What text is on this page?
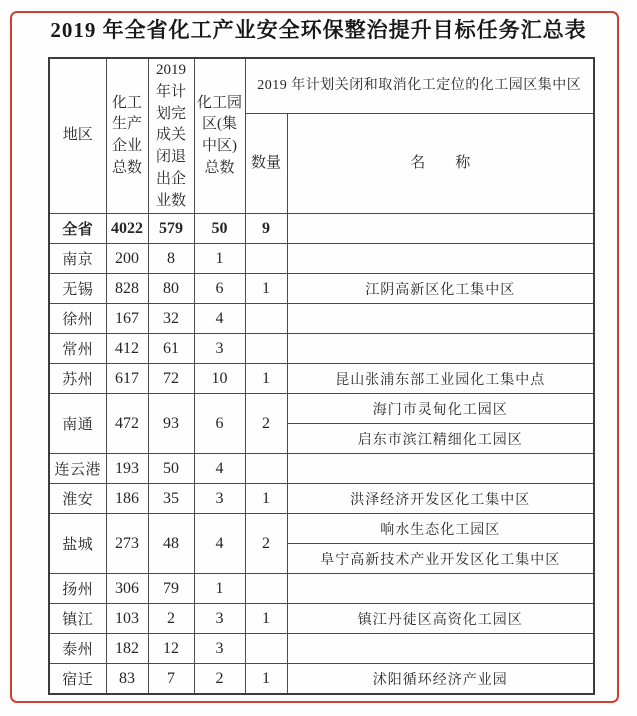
2019 年全省化工产业安全环保整治提升目标任务汇总表
地区	化工生产企业总数	2019年计划完成关闭退出企业数	化工园区(集中区)总数	2019 年计划关闭和取消化工定位的化工园区集中区	
				数量	名　　称
全省	4022	579	50	9	
南京	200	8	1		
无锡	828	80	6	1	江阴高新区化工集中区
徐州	167	32	4		
常州	412	61	3		
苏州	617	72	10	1	昆山张浦东部工业园化工集中点
南通	472	93	6	2	海门市灵甸化工园区
					启东市滨江精细化工园区
连云港	193	50	4		
淮安	186	35	3	1	洪泽经济开发区化工集中区
盐城	273	48	4	2	响水生态化工园区
					阜宁高新技术产业开发区化工集中区
扬州	306	79	1		
镇江	103	2	3	1	镇江丹徒区高资化工园区
泰州	182	12	3		
宿迁	83	7	2	1	沭阳循环经济产业园
